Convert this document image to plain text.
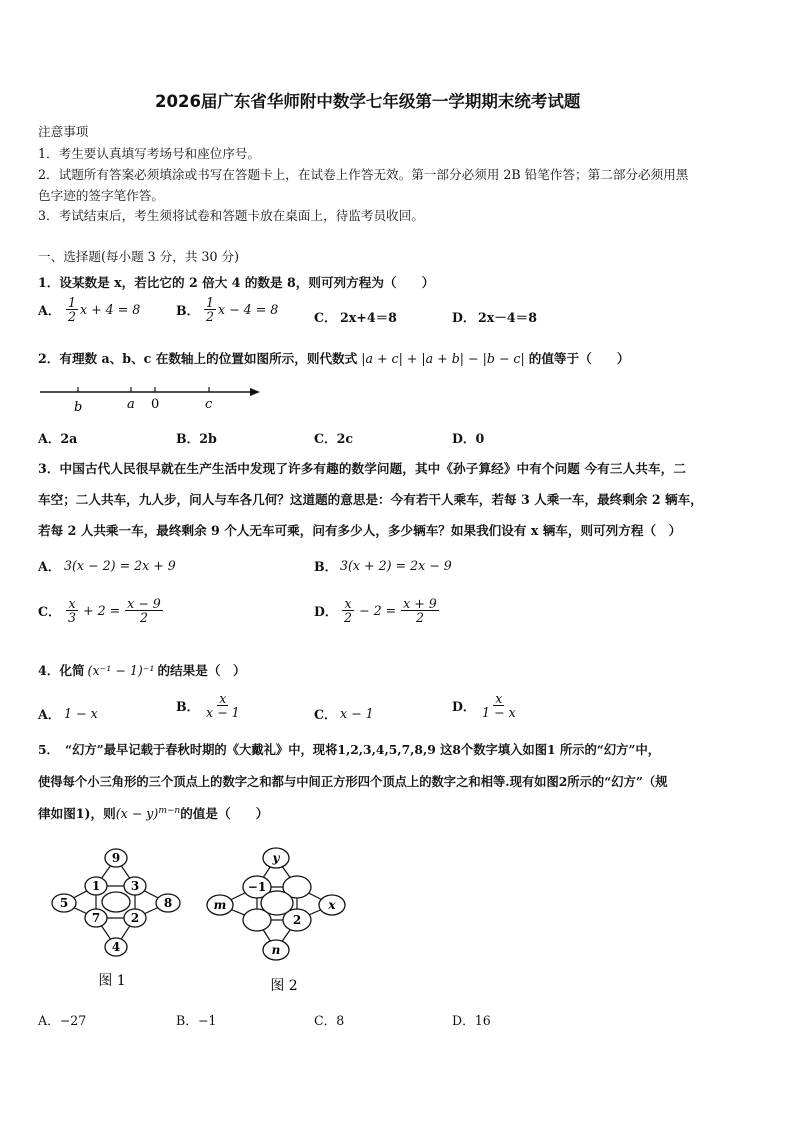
2026届广东省华师附中数学七年级第一学期期末统考试题
注意事项
1．考生要认真填写考场号和座位序号。
2．试题所有答案必须填涂或书写在答题卡上，在试卷上作答无效。第一部分必须用 2B 铅笔作答；第二部分必须用黑
色字迹的签字笔作答。
3．考试结束后，考生须将试卷和答题卡放在桌面上，待监考员收回。
一、选择题(每小题 3 分，共 30 分)
1．设某数是 x，若比它的 2 倍大 4 的数是 8，则可列方程为（　　）
A． $\frac{1}{2}$ x + 4 = 8	B． $\frac{1}{2}$ x − 4 = 8
C． 2x+4＝8	D． 2x－4＝8
2．有理数 a、b、c 在数轴上的位置如图所示，则代数式 |a + c| + |a + b| − |b − c| 的值等于（　　）
b	a 0	c
A．2a	B．2b	C．2c	D．0
3．中国古代人民很早就在生产生活中发现了许多有趣的数学问题，其中《孙子算经》中有个问题 今有三人共车，二
车空；二人共车，九人步，问人与车各几何？这道题的意思是：今有若干人乘车，若每 3 人乘一车，最终剩余 2 辆车，
若每 2 人共乘一车，最终剩余 9 个人无车可乘，问有多少人，多少辆车？如果我们设有 x 辆车，则可列方程（　）
A． 3(x − 2) = 2x + 9	B． 3(x + 2) = 2x − 9
C． $\frac{x}{3} + 2 = \frac{x - 9}{2}$	D． $\frac{x}{2} - 2 = \frac{x + 9}{2}$
4．化简 (x⁻¹ − 1)⁻¹ 的结果是（　）
A． 1 − x	B． $\frac{x}{x - 1}$	C． x − 1	D． $\frac{x}{1 - x}$
5．　“幻方”最早记载于春秋时期的《大戴礼》中，现将1,2,3,4,5,7,8,9 这8个数字填入如图1 所示的“幻方”中，
使得每个小三角形的三个顶点上的数字之和都与中间正方形四个顶点上的数字之和相等.现有如图2所示的“幻方”（规
律如图1)，则$(x - y)^{m-n}$的值是（　　）
9
1	3
5	8
7	2
4
图 1
y
−1
m	x
2
n
图 2
A．−27	B．−1	C．8	D．16
